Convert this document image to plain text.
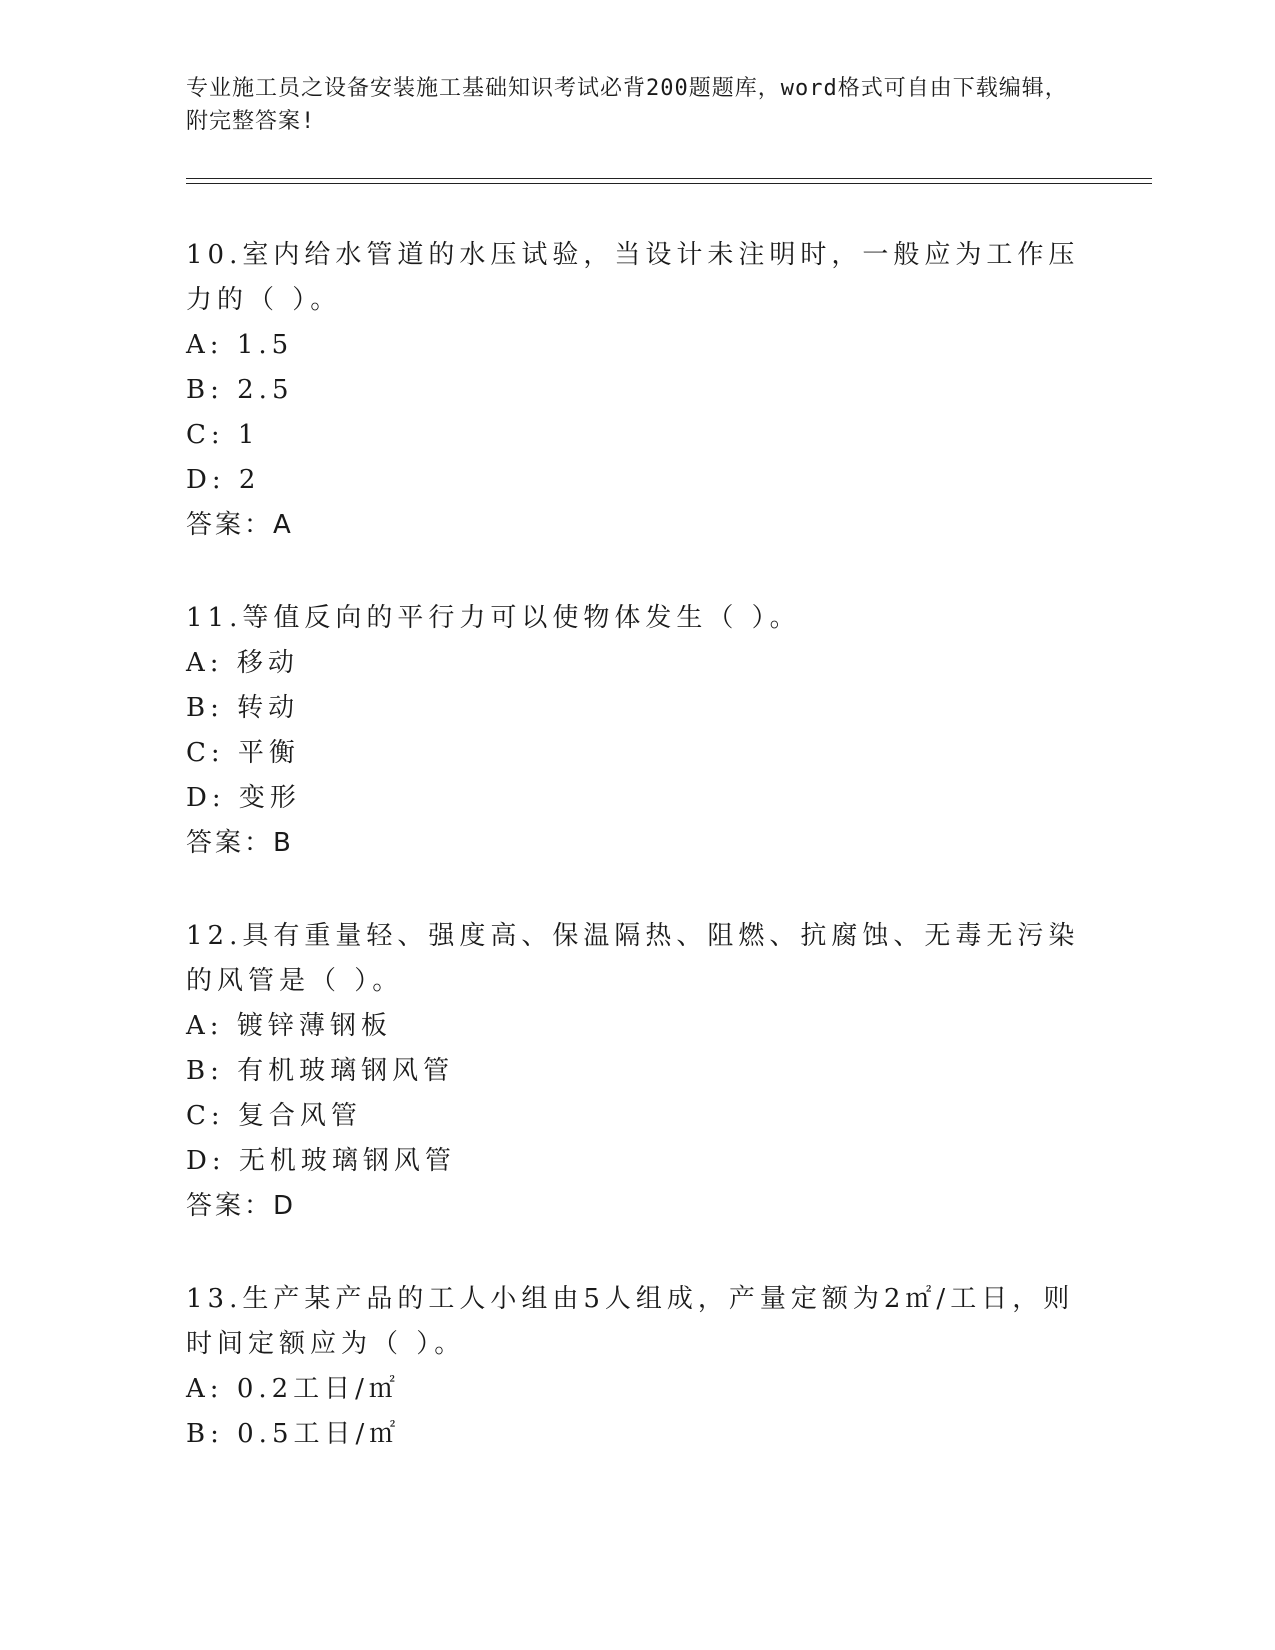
专业施工员之设备安装施工基础知识考试必背200题题库，word格式可自由下载编辑，附完整答案!

10.室内给水管道的水压试验，当设计未注明时，一般应为工作压力的（ ）。

A: 1.5
B: 2.5
C: 1
D: 2
答案：A

11.等值反向的平行力可以使物体发生（ ）。

A: 移动
B: 转动
C: 平衡
D: 变形
答案：B

12.具有重量轻、强度高、保温隔热、阻燃、抗腐蚀、无毒无污染的风管是（ ）。

A: 镀锌薄钢板
B: 有机玻璃钢风管
C: 复合风管
D: 无机玻璃钢风管
答案：D

13.生产某产品的工人小组由5人组成，产量定额为2㎡/工日，则时间定额应为（ ）。

A: 0.2工日/㎡
B: 0.5工日/㎡
